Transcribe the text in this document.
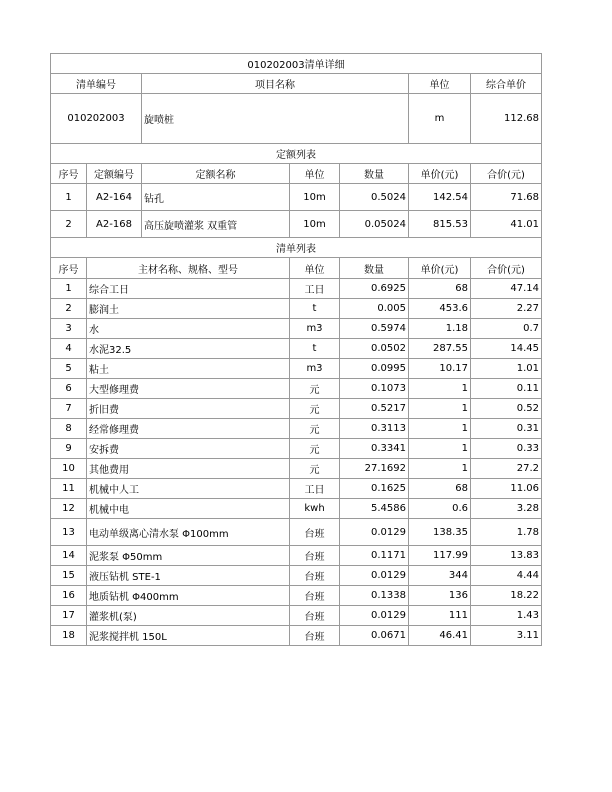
010202003清单详细						
清单编号		项目名称			单位	综合单价
010202003		旋喷桩			m	112.68
定额列表						
序号	定额编号	定额名称	单位	数量	单价(元)	合价(元)
1	A2-164	钻孔	10m	0.5024	142.54	71.68
2	A2-168	高压旋喷灌浆 双重管	10m	0.05024	815.53	41.01
清单列表						
序号	主材名称、规格、型号		单位	数量	单价(元)	合价(元)
1	综合工日		工日	0.6925	68	47.14
2	膨润土		t	0.005	453.6	2.27
3	水		m3	0.5974	1.18	0.7
4	水泥32.5		t	0.0502	287.55	14.45
5	粘土		m3	0.0995	10.17	1.01
6	大型修理费		元	0.1073	1	0.11
7	折旧费		元	0.5217	1	0.52
8	经常修理费		元	0.3113	1	0.31
9	安拆费		元	0.3341	1	0.33
10	其他费用		元	27.1692	1	27.2
11	机械中人工		工日	0.1625	68	11.06
12	机械中电		kwh	5.4586	0.6	3.28
13	电动单级离心清水泵 Φ100mm		台班	0.0129	138.35	1.78
14	泥浆泵 Φ50mm		台班	0.1171	117.99	13.83
15	液压钻机 STE-1		台班	0.0129	344	4.44
16	地质钻机 Φ400mm		台班	0.1338	136	18.22
17	灌浆机(泵)		台班	0.0129	111	1.43
18	泥浆搅拌机 150L		台班	0.0671	46.41	3.11
